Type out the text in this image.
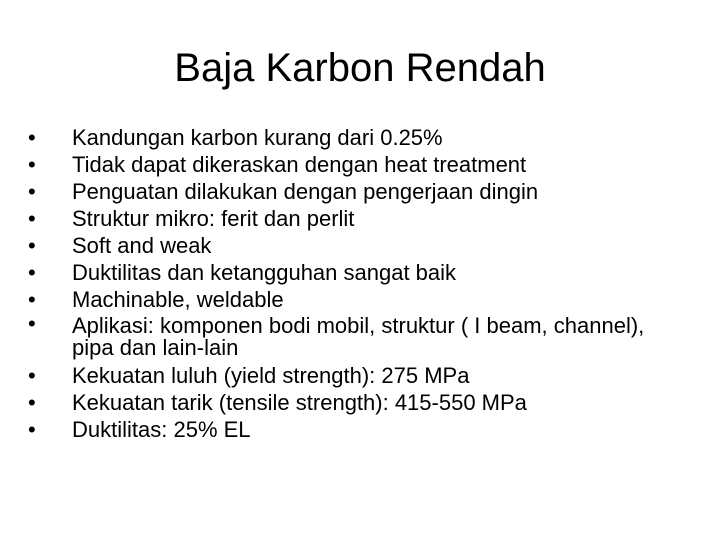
Baja Karbon Rendah
•	Kandungan karbon kurang dari 0.25%
•	Tidak dapat dikeraskan dengan heat treatment
•	Penguatan dilakukan dengan pengerjaan dingin
•	Struktur mikro: ferit dan perlit
•	Soft and weak
•	Duktilitas dan ketangguhan sangat baik
•	Machinable, weldable
•	Aplikasi: komponen bodi mobil, struktur ( I beam, channel), pipa dan lain-lain
•	Kekuatan luluh (yield strength): 275 MPa
•	Kekuatan tarik (tensile strength): 415-550 MPa
•	Duktilitas: 25% EL
